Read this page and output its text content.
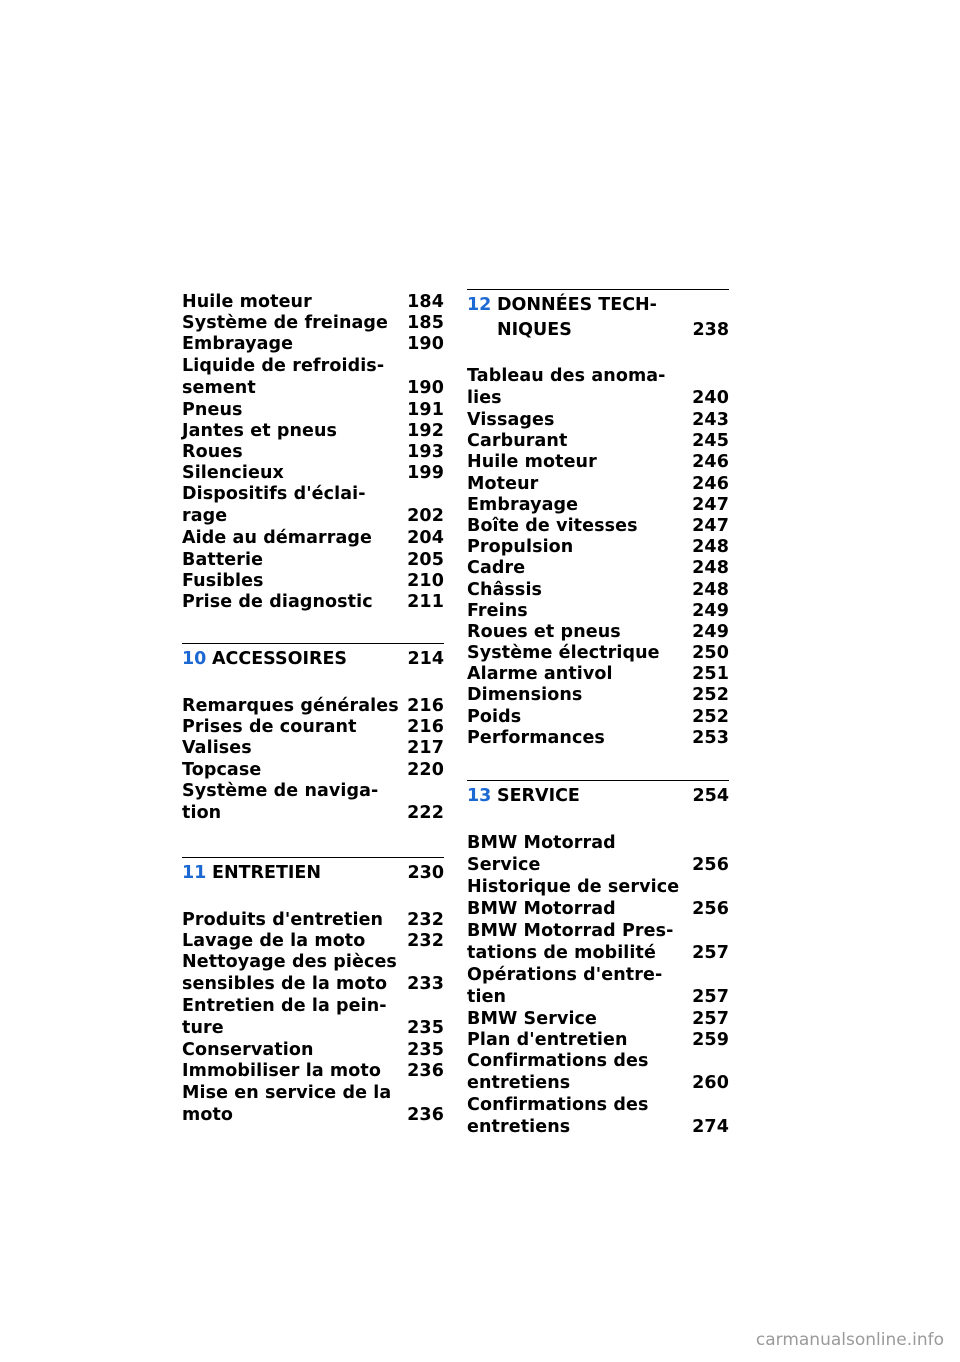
Huile moteur	184
Système de freinage 185
Embrayage	190
Liquide de refroidis-
sement	190
Pneus	191
Jantes et pneus	192
Roues	193
Silencieux	199
Dispositifs d'éclai-
rage	202
Aide au démarrage 204
Batterie	205
Fusibles	210
Prise de diagnostic 211
10 ACCESSOIRES	214
Remarques générales 216
Prises de courant	216
Valises	217
Topcase	220
Système de naviga-
tion	222
11 ENTRETIEN	230
Produits d'entretien 232
Lavage de la moto 232
Nettoyage des pièces
sensibles de la moto 233
Entretien de la pein-
ture	235
Conservation	235
Immobiliser la moto 236
Mise en service de la
moto	236
12 DONNÉES TECH-
NIQUES	238
Tableau des anoma-
lies	240
Vissages	243
Carburant	245
Huile moteur	246
Moteur	246
Embrayage	247
Boîte de vitesses	247
Propulsion	248
Cadre	248
Châssis	248
Freins	249
Roues et pneus	249
Système électrique 250
Alarme antivol	251
Dimensions	252
Poids	252
Performances	253
13 SERVICE	254
BMW Motorrad
Service	256
Historique de service
BMW Motorrad	256
BMW Motorrad Pres-
tations de mobilité 257
Opérations d'entre-
tien	257
BMW Service	257
Plan d'entretien	259
Confirmations des
entretiens	260
Confirmations des
entretiens	274
carmanualsonline.info
